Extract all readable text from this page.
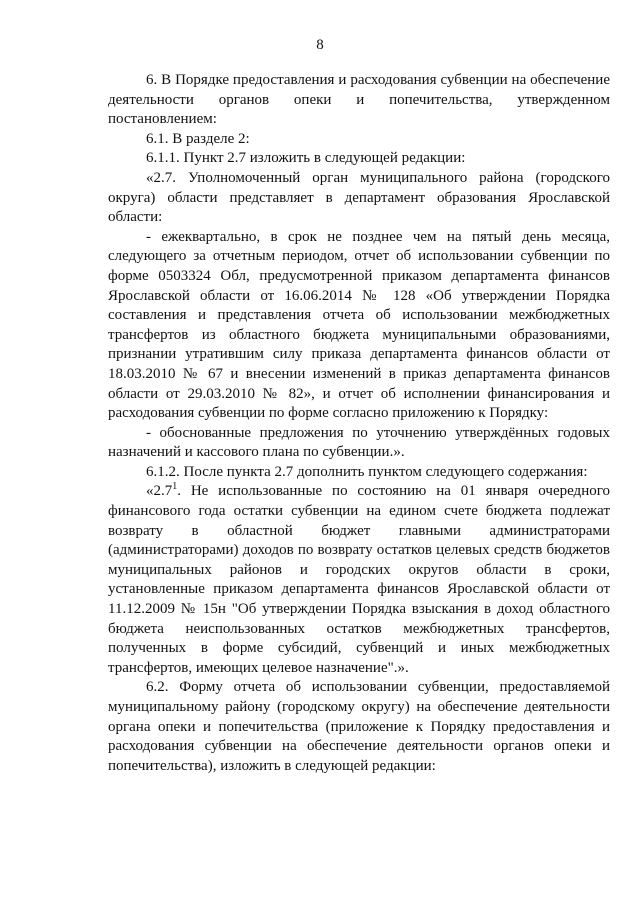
8

6. В Порядке предоставления и расходования субвенции на обеспечение деятельности органов опеки и попечительства, утвержденном постановлением:

6.1. В разделе 2:

6.1.1. Пункт 2.7 изложить в следующей редакции:

«2.7. Уполномоченный орган муниципального района (городского округа) области представляет в департамент образования Ярославской области:

- ежеквартально, в срок не позднее чем на пятый день месяца, следующего за отчетным периодом, отчет об использовании субвенции по форме 0503324 Обл, предусмотренной приказом департамента финансов Ярославской области от 16.06.2014 № 128 «Об утверждении Порядка составления и представления отчета об использовании межбюджетных трансфертов из областного бюджета муниципальными образованиями, признании утратившим силу приказа департамента финансов области от 18.03.2010 № 67 и внесении изменений в приказ департамента финансов области от 29.03.2010 № 82», и отчет об исполнении финансирования и расходования субвенции по форме согласно приложению к Порядку:

- обоснованные предложения по уточнению утверждённых годовых назначений и кассового плана по субвенции.».

6.1.2. После пункта 2.7 дополнить пунктом следующего содержания:

«$2.7^1$. Не использованные по состоянию на 01 января очередного финансового года остатки субвенции на едином счете бюджета подлежат возврату в областной бюджет главными администраторами (администраторами) доходов по возврату остатков целевых средств бюджетов муниципальных районов и городских округов области в сроки, установленные приказом департамента финансов Ярославской области от 11.12.2009 № 15н "Об утверждении Порядка взыскания в доход областного бюджета неиспользованных остатков межбюджетных трансфертов, полученных в форме субсидий, субвенций и иных межбюджетных трансфертов, имеющих целевое назначение".».

6.2. Форму отчета об использовании субвенции, предоставляемой муниципальному району (городскому округу) на обеспечение деятельности органа опеки и попечительства (приложение к Порядку предоставления и расходования субвенции на обеспечение деятельности органов опеки и попечительства), изложить в следующей редакции:
